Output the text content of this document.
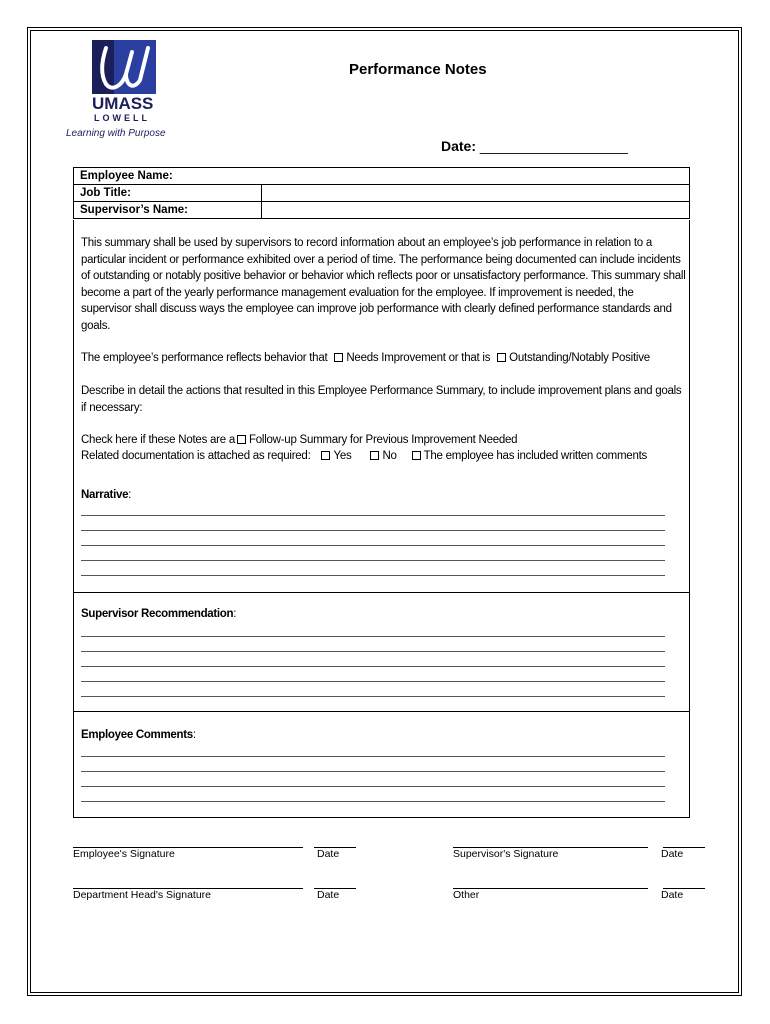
UMASS
LOWELL
Learning with Purpose
Performance Notes
Date: ___________________
Employee Name:	
Job Title:	
Supervisor’s Name:	
This summary shall be used by supervisors to record information about an employee’s job performance in relation to a particular incident or performance exhibited over a period of time. The performance being documented can include incidents of outstanding or notably positive behavior or behavior which reflects poor or unsatisfactory performance. This summary shall become a part of the yearly performance management evaluation for the employee. If improvement is needed, the supervisor shall discuss ways the employee can improve job performance with clearly defined performance standards and goals.
The employee’s performance reflects behavior that Needs Improvement or that is Outstanding/Notably Positive
Describe in detail the actions that resulted in this Employee Performance Summary, to include improvement plans and goals if necessary:
Check here if these Notes are a Follow-up Summary for Previous Improvement Needed
Related documentation is attached as required: Yes	No The employee has included written comments
Narrative:
Supervisor Recommendation:
Employee Comments:
Employee's Signature	Date	Supervisor's Signature	Date
Department Head's Signature	Date	Other	Date
